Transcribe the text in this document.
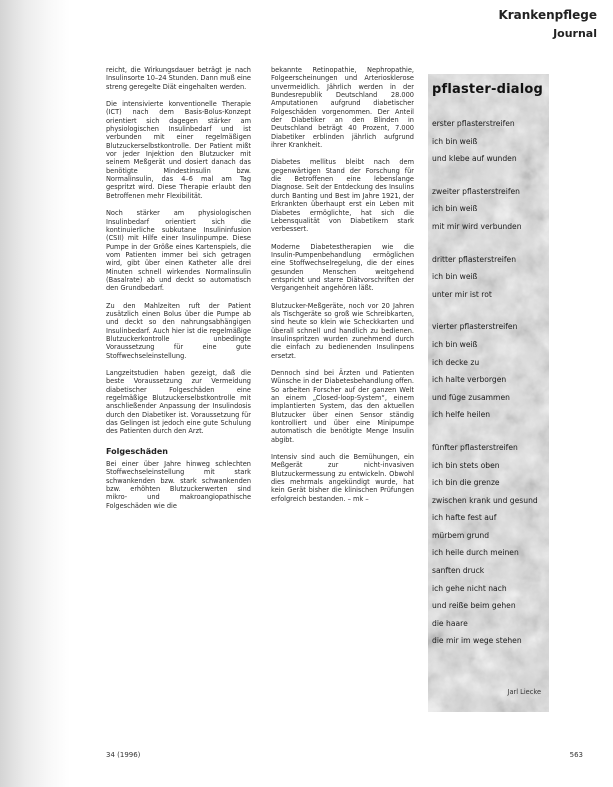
Krankenpflege
Journal

reicht, die Wirkungsdauer beträgt je nach Insulinsorte 10–24 Stunden. Dann muß eine streng geregelte Diät eingehalten werden.

Die intensivierte konventionelle Therapie (ICT) nach dem Basis-Bolus-Konzept orientiert sich dagegen stärker am physiologischen Insulinbedarf und ist verbunden mit einer regelmäßigen Blutzuckerselbstkontrolle. Der Patient mißt vor jeder Injektion den Blutzucker mit seinem Meßgerät und dosiert danach das benötigte Mindestinsulin bzw. Normalinsulin, das 4–6 mal am Tag gespritzt wird. Diese Therapie erlaubt den Betroffenen mehr Flexibilität.

Noch stärker am physiologischen Insulinbedarf orientiert sich die kontinuierliche subkutane Insulininfusion (CSII) mit Hilfe einer Insulinpumpe. Diese Pumpe in der Größe eines Kartenspiels, die vom Patienten immer bei sich getragen wird, gibt über einen Katheter alle drei Minuten schnell wirkendes Normalinsulin (Basalrate) ab und deckt so automatisch den Grundbedarf.

Zu den Mahlzeiten ruft der Patient zusätzlich einen Bolus über die Pumpe ab und deckt so den nahrungsabhängigen Insulinbedarf. Auch hier ist die regelmäßige Blutzuckerkontrolle unbedingte Voraussetzung für eine gute Stoffwechseleinstellung.

Langzeitstudien haben gezeigt, daß die beste Voraussetzung zur Vermeidung diabetischer Folgeschäden eine regelmäßige Blutzuckerselbstkontrolle mit anschließender Anpassung der Insulindosis durch den Diabetiker ist. Voraussetzung für das Gelingen ist jedoch eine gute Schulung des Patienten durch den Arzt.

Folgeschäden

Bei einer über Jahre hinweg schlechten Stoffwechseleinstellung mit stark schwankenden bzw. stark schwankenden bzw. erhöhten Blutzuckerwerten sind mikro- und makroangiopathische Folgeschäden wie die

bekannte Retinopathie, Nephropathie, Folgeerscheinungen und Arteriosklerose unvermeidlich. Jährlich werden in der Bundesrepublik Deutschland 28.000 Amputationen aufgrund diabetischer Folgeschäden vorgenommen. Der Anteil der Diabetiker an den Blinden in Deutschland beträgt 40 Prozent, 7.000 Diabetiker erblinden jährlich aufgrund ihrer Krankheit.

Diabetes mellitus bleibt nach dem gegenwärtigen Stand der Forschung für die Betroffenen eine lebenslange Diagnose. Seit der Entdeckung des Insulins durch Banting und Best im Jahre 1921, der Erkrankten überhaupt erst ein Leben mit Diabetes ermöglichte, hat sich die Lebensqualität von Diabetikern stark verbessert.

Moderne Diabetestherapien wie die Insulin-Pumpenbehandlung ermöglichen eine Stoffwechselregelung, die der eines gesunden Menschen weitgehend entspricht und starre Diätvorschriften der Vergangenheit angehören läßt.

Blutzucker-Meßgeräte, noch vor 20 Jahren als Tischgeräte so groß wie Schreibkarten, sind heute so klein wie Scheckkarten und überall schnell und handlich zu bedienen. Insulinspritzen wurden zunehmend durch die einfach zu bedienenden Insulinpens ersetzt.

Dennoch sind bei Ärzten und Patienten Wünsche in der Diabetesbehandlung offen. So arbeiten Forscher auf der ganzen Welt an einem „Closed-loop-System“, einem implantierten System, das den aktuellen Blutzucker über einen Sensor ständig kontrolliert und über eine Minipumpe automatisch die benötigte Menge Insulin abgibt.

Intensiv sind auch die Bemühungen, ein Meßgerät zur nicht-invasiven Blutzuckermessung zu entwickeln. Obwohl dies mehrmals angekündigt wurde, hat kein Gerät bisher die klinischen Prüfungen erfolgreich bestanden. – mk –

pflaster-dialog
erster pflasterstreifen
ich bin weiß
und klebe auf wunden
zweiter pflasterstreifen
ich bin weiß
mit mir wird verbunden
dritter pflasterstreifen
ich bin weiß
unter mir ist rot
vierter pflasterstreifen
ich bin weiß
ich decke zu
ich halte verborgen
und füge zusammen
ich helfe heilen
fünfter pflasterstreifen
ich bin stets oben
ich bin die grenze
zwischen krank und gesund
ich hafte fest auf
mürbem grund
ich heile durch meinen
sanften druck
ich gehe nicht nach
und reiße beim gehen
die haare
die mir im wege stehen
Jarl Liecke
34 (1996)	563
